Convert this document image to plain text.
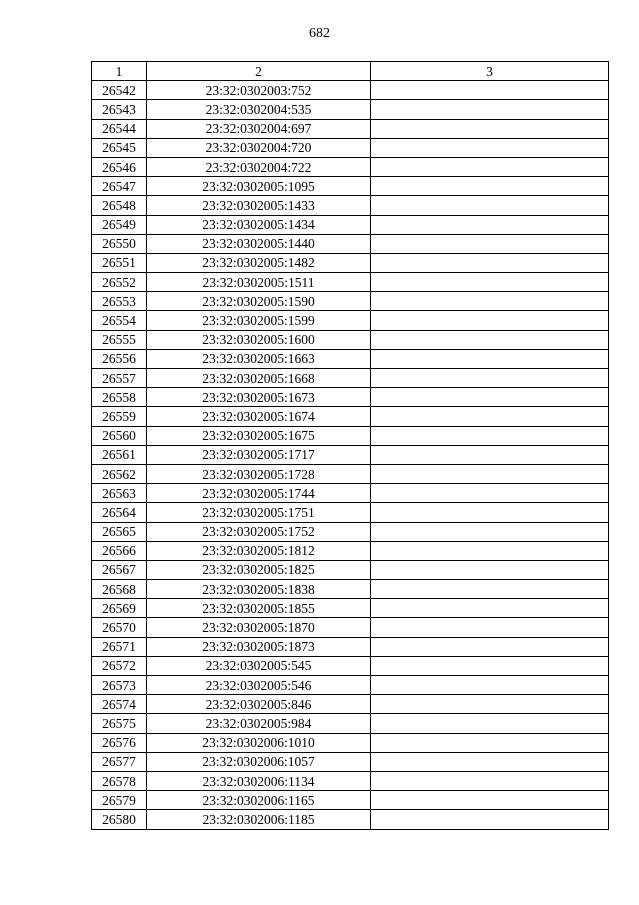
682
1	2	3
26542	23:32:0302003:752	
26543	23:32:0302004:535	
26544	23:32:0302004:697	
26545	23:32:0302004:720	
26546	23:32:0302004:722	
26547	23:32:0302005:1095	
26548	23:32:0302005:1433	
26549	23:32:0302005:1434	
26550	23:32:0302005:1440	
26551	23:32:0302005:1482	
26552	23:32:0302005:1511	
26553	23:32:0302005:1590	
26554	23:32:0302005:1599	
26555	23:32:0302005:1600	
26556	23:32:0302005:1663	
26557	23:32:0302005:1668	
26558	23:32:0302005:1673	
26559	23:32:0302005:1674	
26560	23:32:0302005:1675	
26561	23:32:0302005:1717	
26562	23:32:0302005:1728	
26563	23:32:0302005:1744	
26564	23:32:0302005:1751	
26565	23:32:0302005:1752	
26566	23:32:0302005:1812	
26567	23:32:0302005:1825	
26568	23:32:0302005:1838	
26569	23:32:0302005:1855	
26570	23:32:0302005:1870	
26571	23:32:0302005:1873	
26572	23:32:0302005:545	
26573	23:32:0302005:546	
26574	23:32:0302005:846	
26575	23:32:0302005:984	
26576	23:32:0302006:1010	
26577	23:32:0302006:1057	
26578	23:32:0302006:1134	
26579	23:32:0302006:1165	
26580	23:32:0302006:1185	
